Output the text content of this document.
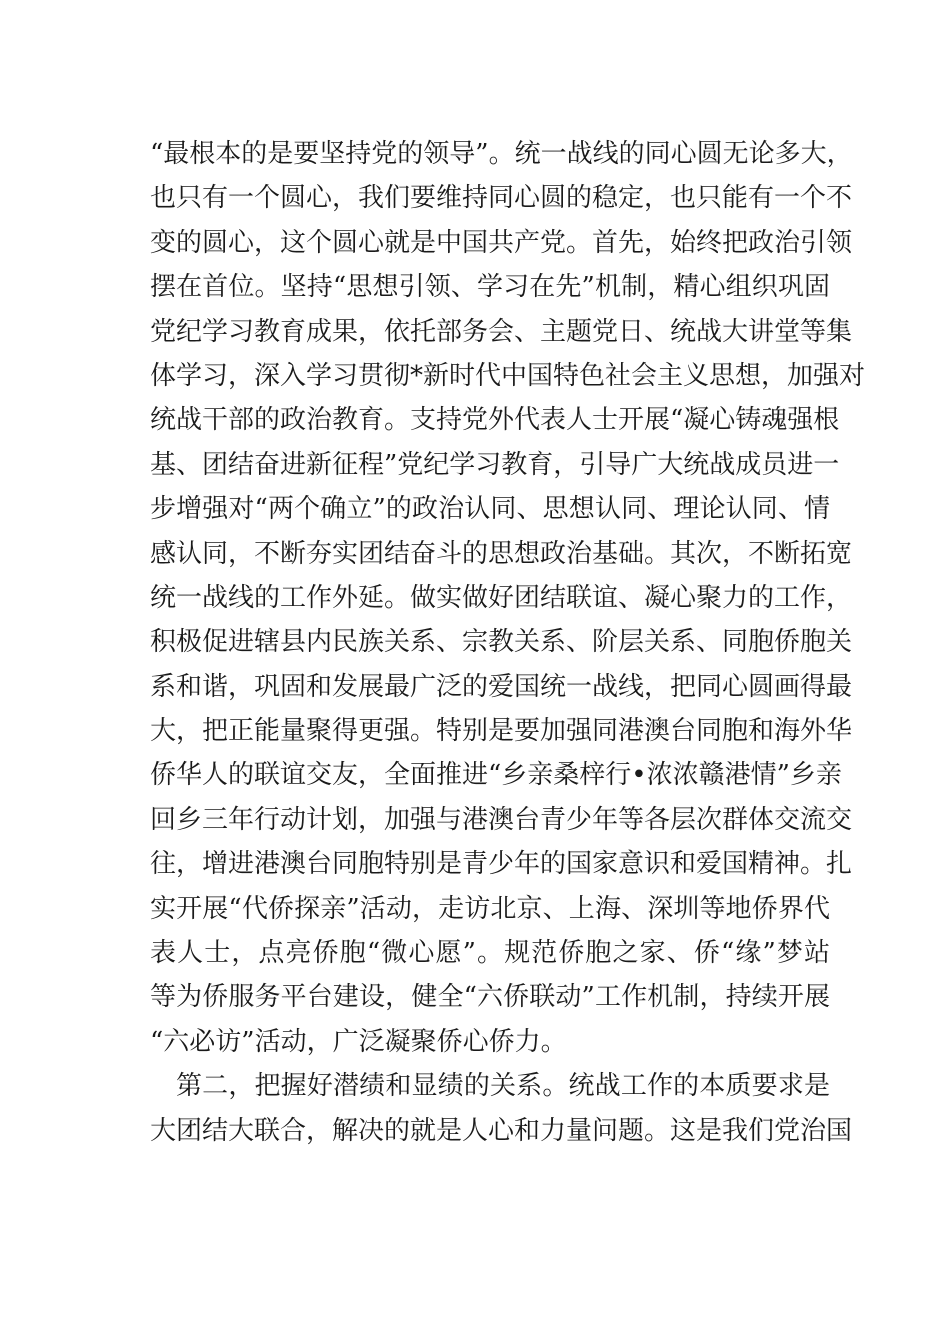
“最根本的是要坚持党的领导”。统一战线的同心圆无论多大，
也只有一个圆心，我们要维持同心圆的稳定，也只能有一个不
变的圆心，这个圆心就是中国共产党。首先，始终把政治引领
摆在首位。坚持“思想引领、学习在先”机制，精心组织巩固
党纪学习教育成果，依托部务会、主题党日、统战大讲堂等集
体学习，深入学习贯彻*新时代中国特色社会主义思想，加强对
统战干部的政治教育。支持党外代表人士开展“凝心铸魂强根
基、团结奋进新征程”党纪学习教育，引导广大统战成员进一
步增强对“两个确立”的政治认同、思想认同、理论认同、情
感认同，不断夯实团结奋斗的思想政治基础。其次，不断拓宽
统一战线的工作外延。做实做好团结联谊、凝心聚力的工作，
积极促进辖县内民族关系、宗教关系、阶层关系、同胞侨胞关
系和谐，巩固和发展最广泛的爱国统一战线，把同心圆画得最
大，把正能量聚得更强。特别是要加强同港澳台同胞和海外华
侨华人的联谊交友，全面推进“乡亲桑梓行•浓浓赣港情”乡亲
回乡三年行动计划，加强与港澳台青少年等各层次群体交流交
往，增进港澳台同胞特别是青少年的国家意识和爱国精神。扎
实开展“代侨探亲”活动，走访北京、上海、深圳等地侨界代
表人士，点亮侨胞“微心愿”。规范侨胞之家、侨“缘”梦站
等为侨服务平台建设，健全“六侨联动”工作机制，持续开展
“六必访”活动，广泛凝聚侨心侨力。
第二，把握好潜绩和显绩的关系。统战工作的本质要求是
大团结大联合，解决的就是人心和力量问题。这是我们党治国
